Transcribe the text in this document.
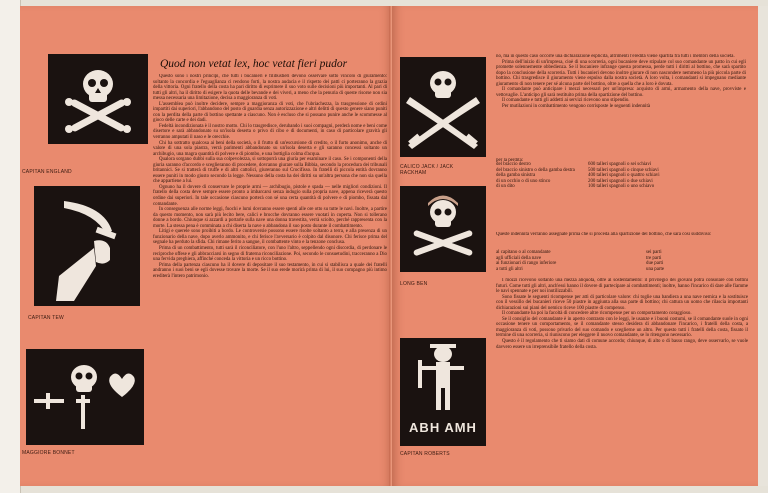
CAPITAN ENGLAND
CAPITAN TEW
MAGGIORE BONNET
Quod non vetat lex, hoc vetat fieri pudor

Questo sono i nostri principi, che tutti i bucanieri e filibustieri devono osservare sotto vincolo di giuramento: soltanto la concordia e l'eguaglianza ci rendono forti, la nostra audacia e il rispetto dei patti ci porteranno la grazia della vittoria. Ogni fratello della costa ha pari diritto di esprimere il suo voto sulle decisioni più importanti. Al pari di tutti gli altri, ha il diritto di esigere la quota delle bevande e dei viveri, a meno che la penuria di queste risorse non sia messa necessaria una limitazione, decisa a maggioranza di voti.

L'assemblea può inoltre decidere, sempre a maggioranza di voti, che l'ubriachezza, la trasgressione di ordini impartiti dai superiori, l'abbandono del posto di guardia senza autorizzazione e altri delitti di questo genere siano puniti con la perdita della parte di bottino spettante a ciascuno. Non è escluso che si possano punire anche le scommesse al gioco delle carte e dei dadi.

Fedeltà incondizionata è il nostro motto. Chi lo trasgredisce, derubando i suoi compagni, perderà nome e beni come disertore e sarà abbandonato su un'isola deserta o privo di cibo e di documenti, in caso di particolare gravità gli verranno amputati il naso e le orecchie.

Chi ha sottratto qualcosa ai beni della società, o il frutto di un'escursione di credito, o il furto anonimo, anche di valore di una sola piastra, verrà parimenti abbandonato su un'isola deserta e gli saranno concessi soltanto un archibugio, una magra quantità di polvere e di piombo, e una bottiglia colma d'acqua.

Qualora sorgano dubbi sulla sua colpevolezza, si sottoporrà una giuria per esaminare il caso. Se i componenti della giuria saranno d'accordo e sceglieranno di procedere, dovranno giurare sulla Bibbia, secondo la procedura dei tribunali britannici. Se si tratterà di truffe e di altri cattolici, giureranno sul Crocifisso. In fratelli di piccola entità dovranno essere puniti in modo giusto secondo la legge. Nessuno della costa ha dei diritti su un'altra persona che non sia quella che appartiene a lui.

Ognuno ha il dovere di conservare le proprie armi — archibugio, pistole e spada — nelle migliori condizioni. Il fratello della costa deve sempre essere pronto a imbarcarsi senza indugio sulla propria nave, appena riceverà questo ordine dai superiori. In tale occasione ciascuno porterà con sé una certa quantità di polvere e di piombo, fissata dal comandante.

In conseguenza alle norme leggi, fuochi e lumi dovranno essere spenti alle ore otto su tutte le navi. Inoltre, a partire da questo momento, non sarà più lecito bere, calici e brocche dovranno essere vuotati in coperta. Non si tollerano donne a bordo. Chiunque si azzardi a portarle sulla nave una donna travestita, verrà sciolto, perché rappresenta con la morte. La stessa pena è comminata a chi diserta la nave o abbandona il suo posto durante il combattimento.

Litigi e querele sono proibiti a bordo. Le controversie possono essere risolte soltanto a terra, e alla presenza di un funzionario della nave, dopo averlo ammonito, e chi ferisce l'avversario è colpito dal disonore. Chi ferisce prima del segnale ha perduto la sfida. Chi rimane ferito a sangue, il combattente vinto e la tenzone conclusa.

Prima di un combattimento, tutti sarà il riconciliatore, con l'uno l'altro, seppellendo ogni discordia, di perdonare le reciproche offese e gli abbracciarsi in segno di fraterna riconciliazione. Poi, secondo le consuetudini, tracceranno a Dio una fervida preghiera, affinché conceda la vittoria e un ricco bottino.

Prima della partenza ciascuno ha il dovere di depositare il suo testamento, in cui si stabilisca a quale dei fratelli andranno i suoi beni se egli dovesse trovare la morte. Se il suo erede morirà prima di lui, il suo compagno più intimo erediterà l'intero patrimonio.

CALICO JACK / JACK RACKHAM
LONG BEN
ABH AMH
CAPITAN ROBERTS

no, ma in questo caso occorre una dichiarazione esplicita, altrimenti l'eredità viene spartita fra tutti i membri della società.

Prima dell'inizio di un'impresa, cioè di una scorreria, ogni bucaniere deve stipulare col suo comandante un patto in cui egli promette solennemente obbedienza. Se il bucaniere infrange questa promessa, perde tutti i diritti al bottino, che sarà spartito dopo la conclusione della scorreria. Tutti i bucanieri devono inoltre giurare di non nascondere nemmeno la più piccola parte di bottino. Chi trasgredisce il giuramento viene espulso dalla nostra società. A loro volta, i comandanti si impegnano mediante giuramento di non tenere per sé alcuna parte del bottino, oltre a quella che a loro è dovuta.

Il comandante può anticipare i mezzi necessari per un'impresa: acquisto di armi, armamento della nave, provviste e vettovaglie. L'anticipo gli sarà restituito prima della spartizione del bottino.

Il comandante e tutti gli addetti ai servizi ricevono uno stipendio.

Per mutilazioni in combattimento vengono corrisposte le seguenti indennità

per la perdita:

del braccio destro	600 talleri spagnoli o sei schiavi
del braccio sinistro o della gamba destra	500 talleri spagnoli o cinque schiavi
della gamba sinistra	400 talleri spagnoli o quattro schiavi
di un occhio o di uno stinco	200 talleri spagnoli o due schiavi
di un dito	100 talleri spagnoli o uno schiavo

Queste indennità verranno assegnate prima che si proceda alla spartizione del bottino, che sarà così suddiviso:

al capitano o al comandante	sei parti
agli ufficiali della nave	tre parti
ai funzionari di rango inferiore	due parti
a tutti gli altri	una parte

I mozzi ricevono soltanto una mezza aliquota, oltre al sostentamento: il privilegio dei giovani potrà consolare con bottini futuri. Come tutti gli altri, anch'essi hanno il dovere di partecipare ai combattimenti; inoltre, hanno l'incarico di dare alle fiamme le navi spennate e per noi inutilizzabili.

Sono fissate le seguenti ricompense per atti di particolare valore: chi toglie una bandiera a una nave nemica e la sostituisce con il vessillo dei bucanieri riceve 50 piastre in aggiunta alla sua parte di bottino; chi cattura un uomo che rilascia importanti dichiarazioni sui piani del nemico riceve 100 piastre di compenso.

Il comandante ha poi la facoltà di concedere altre ricompense per un comportamento coraggioso.

Se il consiglio del comandante è in aperto contrasto con le leggi, le usanze e i buoni costumi, se il comandante suole in ogni occasione tenere un comportamento, se il comandante stesso desidera di abbandonare l'incarico, i fratelli della costa, a maggioranza di voti, possono privarlo del suo comando e sceglierne un altro. Per questo tutti i fratelli della costa, fissato il termine di una scorreria, si riuniscono per eleggere il nuovo comandante, se lo ritengono necessario.

Questo è il regolamento che ti siamo dati di comune accordo; chiunque, di alto o di basso rango, deve osservarlo, se vuole davvero essere un irreprensibile fratello della costa.
